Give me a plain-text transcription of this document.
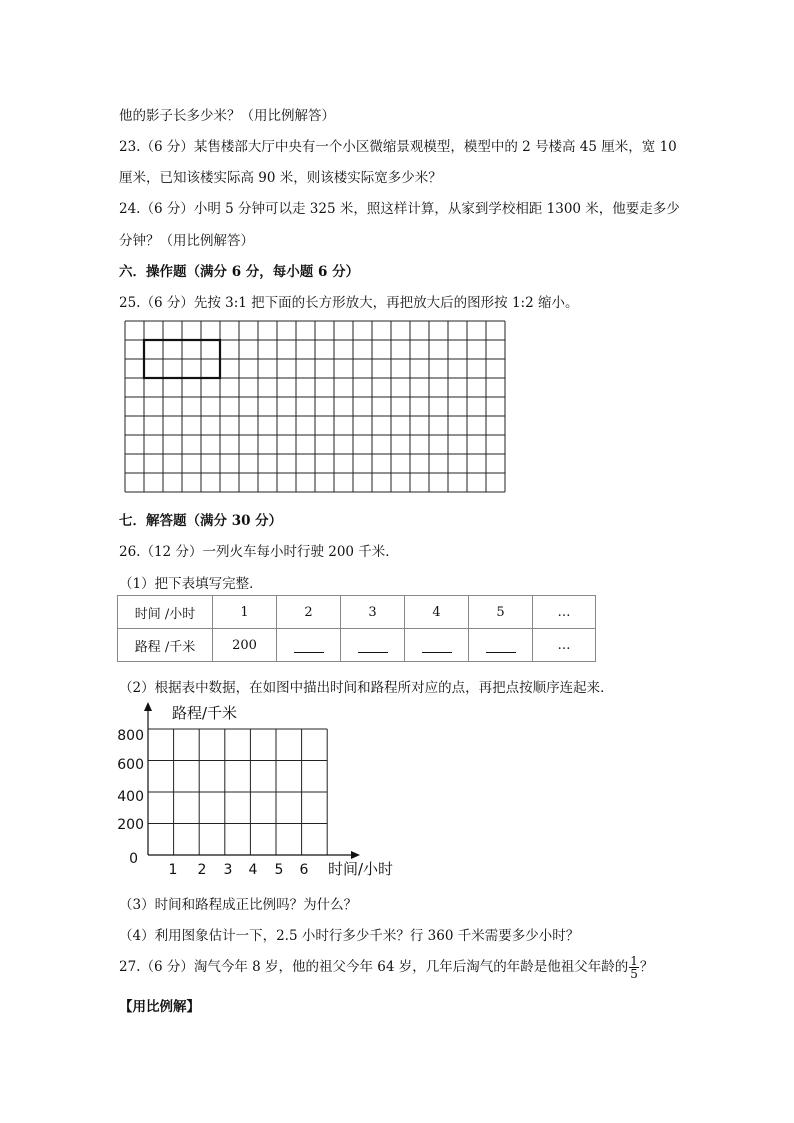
他的影子长多少米？（用比例解答）
23.（6 分）某售楼部大厅中央有一个小区微缩景观模型，模型中的 2 号楼高 45 厘米，宽 10
厘米，已知该楼实际高 90 米，则该楼实际宽多少米？
24.（6 分）小明 5 分钟可以走 325 米，照这样计算，从家到学校相距 1300 米，他要走多少
分钟？（用比例解答）
六．操作题（满分 6 分，每小题 6 分）
25.（6 分）先按 3:1 把下面的长方形放大，再把放大后的图形按 1:2 缩小。
七．解答题（满分 30 分）
26.（12 分）一列火车每小时行驶 200 千米．
（1）把下表填写完整．
时间 /小时	1	2	3	4	5	…
路程 /千米	200					…
（2）根据表中数据，在如图中描出时间和路程所对应的点，再把点按顺序连起来．
路程/千米
800
600
400
200
0
1 2 3 4 5 6 时间/小时
（3）时间和路程成正比例吗？为什么？
（4）利用图象估计一下，2.5 小时行多少千米？行 360 千米需要多少小时？
27.（6 分）淘气今年 8 岁，他的祖父今年 64 岁，几年后淘气的年龄是他祖父年龄的 $\frac{1}{5}$ ？
【用比例解】
